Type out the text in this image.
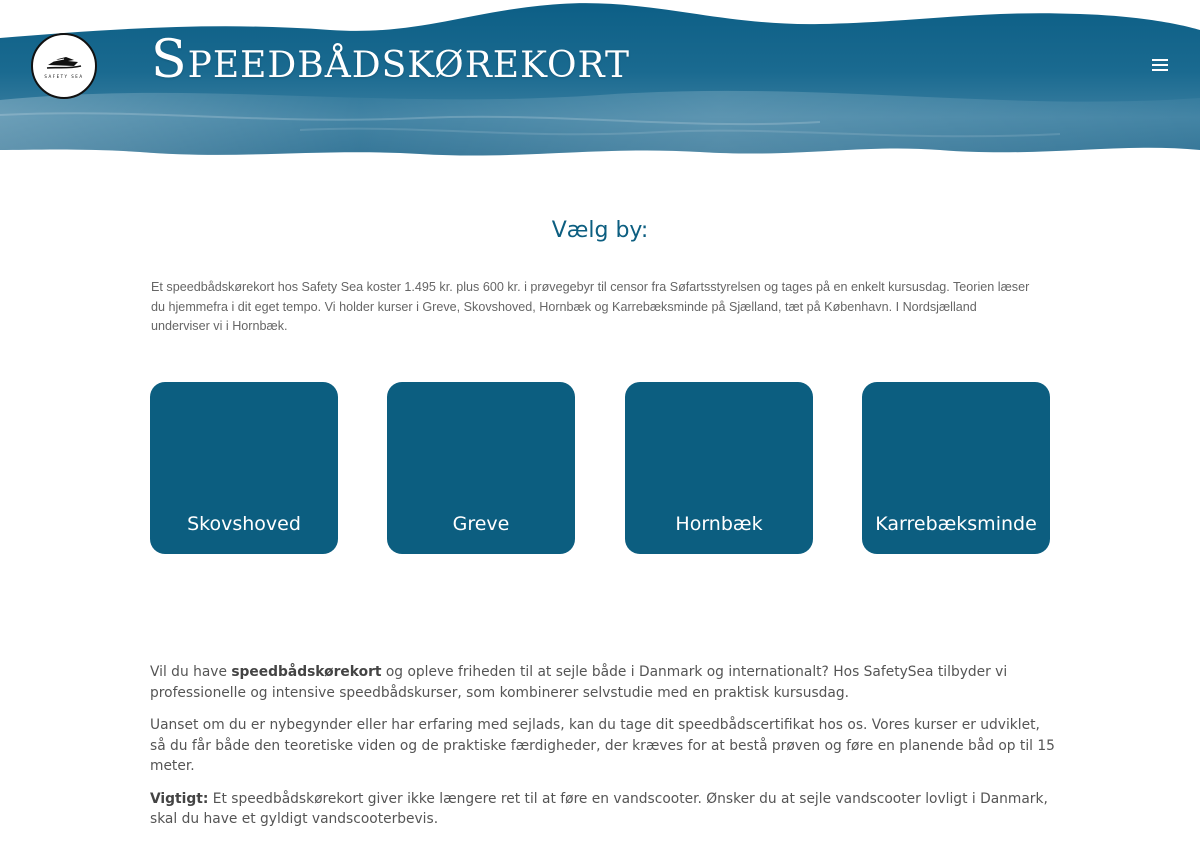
SAFETY SEA Speedbådskørekort
Vælg by:

Et speedbådskørekort hos Safety Sea koster 1.495 kr. plus 600 kr. i prøvegebyr til censor fra Søfartsstyrelsen og tages på en enkelt kursusdag. Teorien læser du hjemmefra i dit eget tempo. Vi holder kurser i Greve, Skovshoved, Hornbæk og Karrebæksminde på Sjælland, tæt på København. I Nordsjælland underviser vi i Hornbæk.

Skovshoved	Greve	Hornbæk	Karrebæksminde

Vil du have speedbådskørekort og opleve friheden til at sejle både i Danmark og internationalt? Hos SafetySea tilbyder vi professionelle og intensive speedbådskurser, som kombinerer selvstudie med en praktisk kursusdag.

Uanset om du er nybegynder eller har erfaring med sejlads, kan du tage dit speedbådscertifikat hos os. Vores kurser er udviklet, så du får både den teoretiske viden og de praktiske færdigheder, der kræves for at bestå prøven og føre en planende båd op til 15 meter.

Vigtigt: Et speedbådskørekort giver ikke længere ret til at føre en vandscooter. Ønsker du at sejle vandscooter lovligt i Danmark, skal du have et gyldigt vandscooterbevis.
